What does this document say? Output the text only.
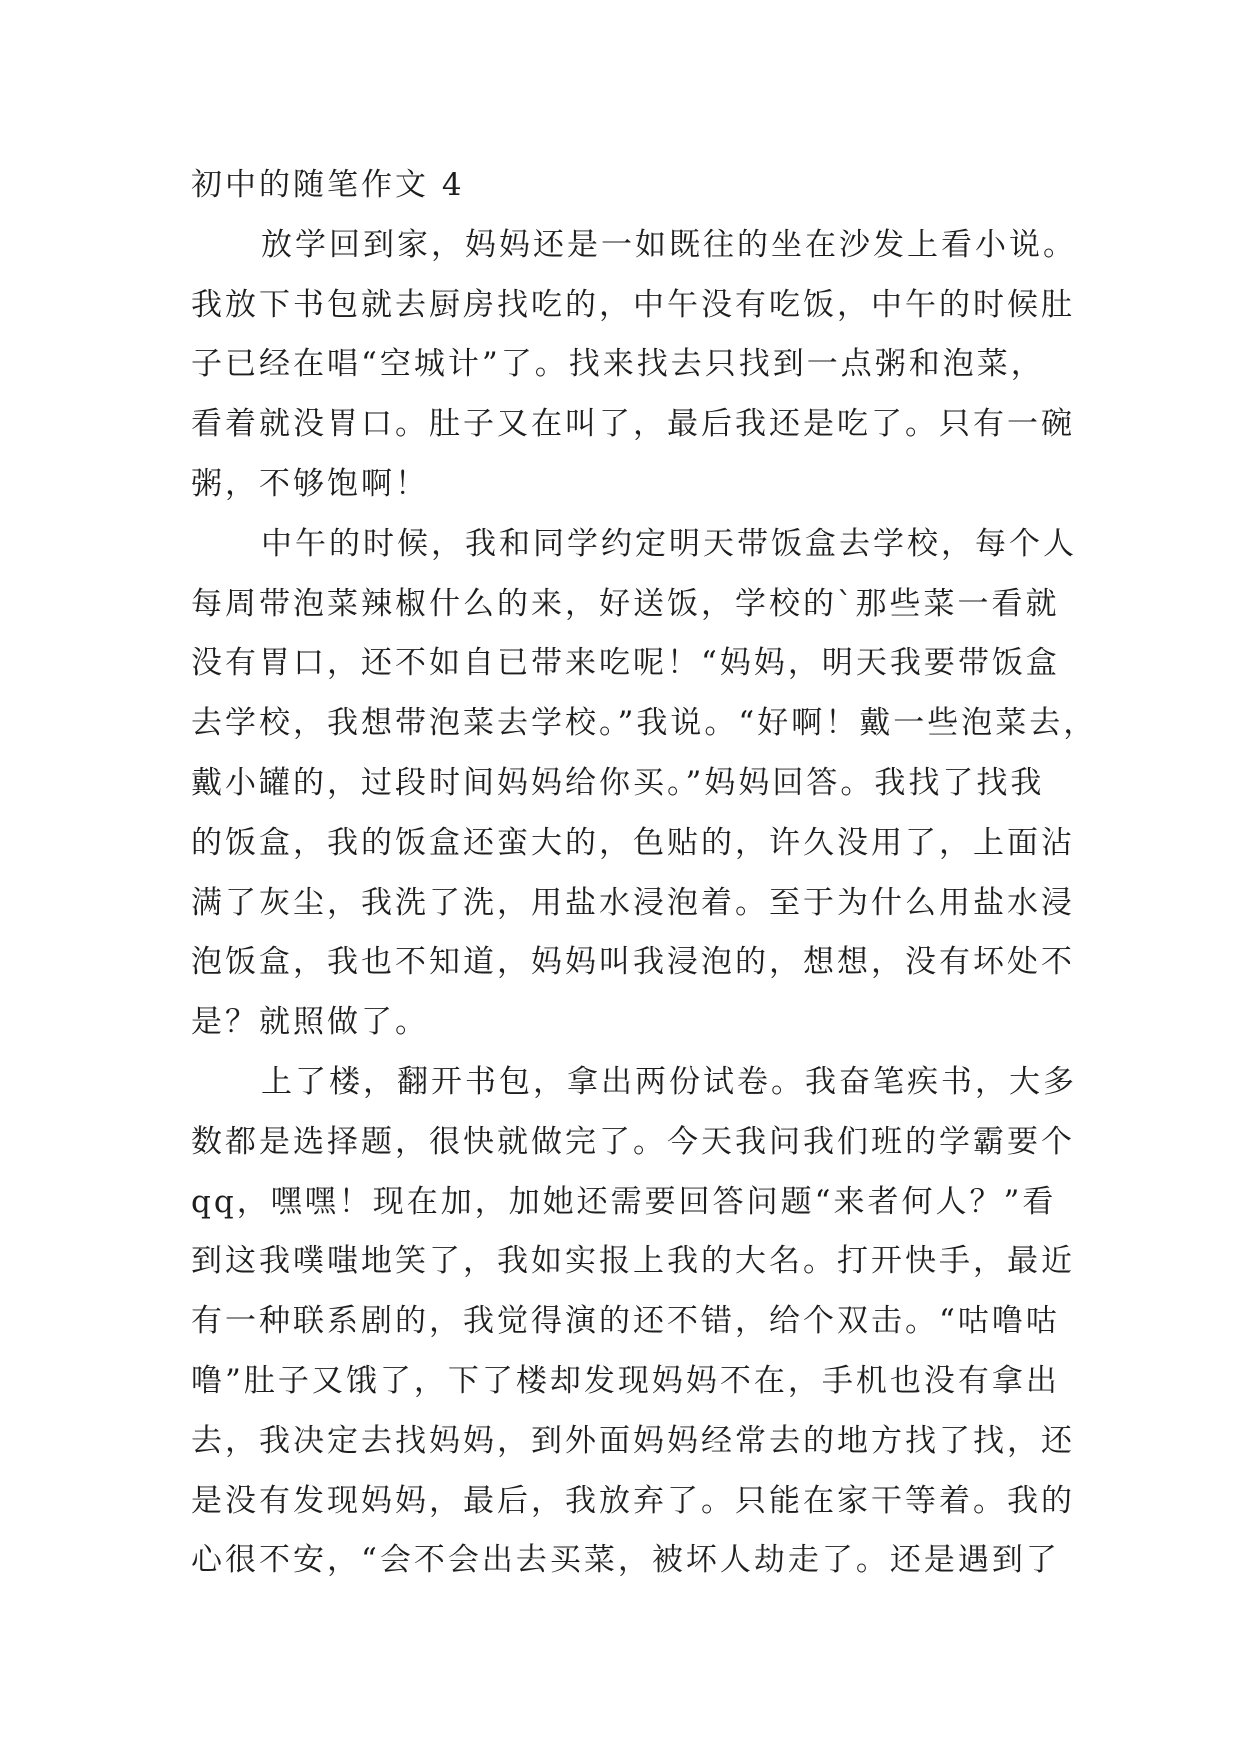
初中的随笔作文 4
放学回到家，妈妈还是一如既往的坐在沙发上看小说。
我放下书包就去厨房找吃的，中午没有吃饭，中午的时候肚
子已经在唱“空城计”了。找来找去只找到一点粥和泡菜，
看着就没胃口。肚子又在叫了，最后我还是吃了。只有一碗
粥，不够饱啊！
中午的时候，我和同学约定明天带饭盒去学校，每个人
每周带泡菜辣椒什么的来，好送饭，学校的`那些菜一看就
没有胃口，还不如自已带来吃呢！“妈妈，明天我要带饭盒
去学校，我想带泡菜去学校。”我说。“好啊！戴一些泡菜去，
戴小罐的，过段时间妈妈给你买。”妈妈回答。我找了找我
的饭盒，我的饭盒还蛮大的，色贴的，许久没用了，上面沾
满了灰尘，我洗了洗，用盐水浸泡着。至于为什么用盐水浸
泡饭盒，我也不知道，妈妈叫我浸泡的，想想，没有坏处不
是？就照做了。
上了楼，翻开书包，拿出两份试卷。我奋笔疾书，大多
数都是选择题，很快就做完了。今天我问我们班的学霸要个
qq，嘿嘿！现在加，加她还需要回答问题“来者何人？”看
到这我噗嗤地笑了，我如实报上我的大名。打开快手，最近
有一种联系剧的，我觉得演的还不错，给个双击。“咕噜咕
噜”肚子又饿了，下了楼却发现妈妈不在，手机也没有拿出
去，我决定去找妈妈，到外面妈妈经常去的地方找了找，还
是没有发现妈妈，最后，我放弃了。只能在家干等着。我的
心很不安，“会不会出去买菜，被坏人劫走了。还是遇到了
